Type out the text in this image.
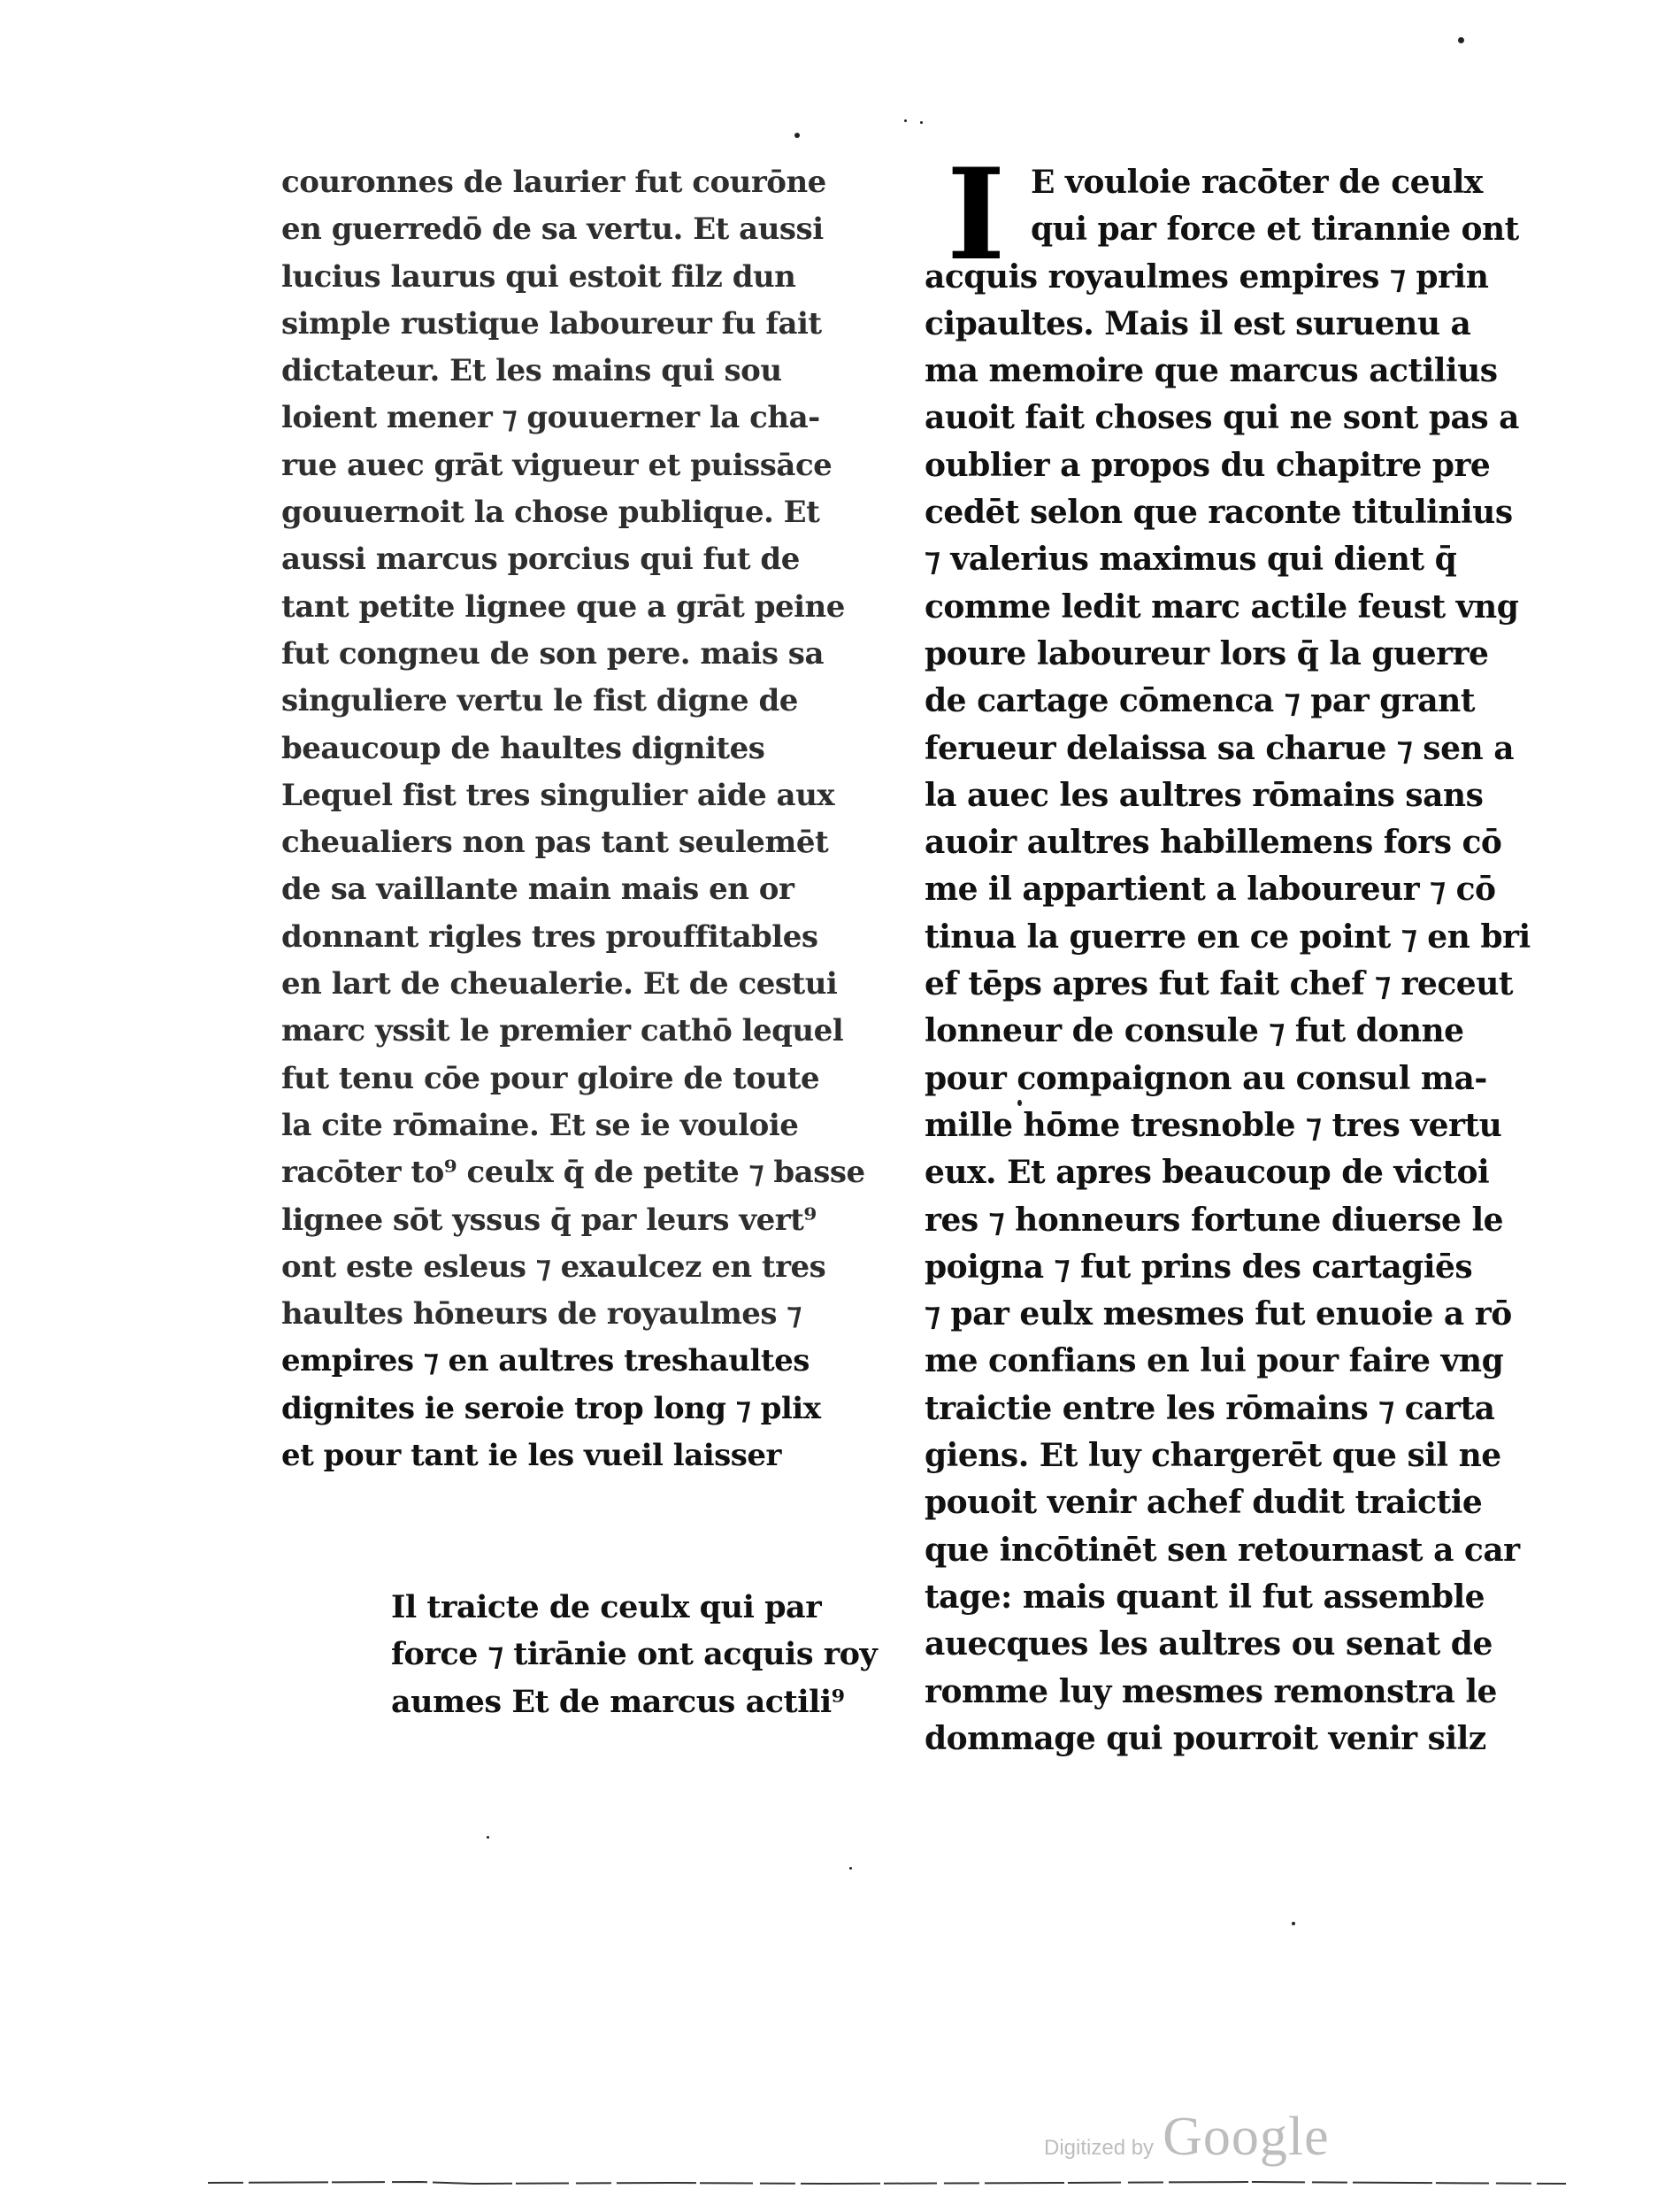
couronnes de laurier fut courōne
en guerredō de sa vertu. Et aussi
lucius laurus qui estoit filz dun
simple rustique laboureur fu fait
dictateur. Et les mains qui sou
loient mener ⁊ gouuerner la cha-
rue auec grāt vigueur et puissāce
gouuernoit la chose publique. Et
aussi marcus porcius qui fut de
tant petite lignee que a grāt peine
fut congneu de son pere. mais sa
singuliere vertu le fist digne de
beaucoup de haultes dignites
Lequel fist tres singulier aide aux
cheualiers non pas tant seulemēt
de sa vaillante main mais en or
donnant rigles tres prouffitables
en lart de cheualerie. Et de cestui
marc yssit le premier cathō lequel
fut tenu cōe pour gloire de toute
la cite rōmaine. Et se ie vouloie
racōter to⁹ ceulx q̄ de petite ⁊ basse
lignee sōt yssus q̄ par leurs vert⁹
ont este esleus ⁊ exaulcez en tres
haultes hōneurs de royaulmes ⁊
empires ⁊ en aultres treshaultes
dignites ie seroie trop long ⁊ plix
et pour tant ie les vueil laisser
Il traicte de ceulx qui par
force ⁊ tirānie ont acquis roy
aumes Et de marcus actili⁹
I E vouloie racōter de ceulx
qui par force et tirannie ont
acquis royaulmes empires ⁊ prin
cipaultes. Mais il est suruenu a
ma memoire que marcus actilius
auoit fait choses qui ne sont pas a
oublier a propos du chapitre pre
cedēt selon que raconte titulinius
⁊ valerius maximus qui dient q̄
comme ledit marc actile feust vng
poure laboureur lors q̄ la guerre
de cartage cōmenca ⁊ par grant
ferueur delaissa sa charue ⁊ sen a
la auec les aultres rōmains sans
auoir aultres habillemens fors cō
me il appartient a laboureur ⁊ cō
tinua la guerre en ce point ⁊ en bri
ef tēps apres fut fait chef ⁊ receut
lonneur de consule ⁊ fut donne
pour compaignon au consul ma-
mille hōme tresnoble ⁊ tres vertu
eux. Et apres beaucoup de victoi
res ⁊ honneurs fortune diuerse le
poigna ⁊ fut prins des cartagiēs
⁊ par eulx mesmes fut enuoie a rō
me confians en lui pour faire vng
traictie entre les rōmains ⁊ carta
giens. Et luy chargerēt que sil ne
pouoit venir achef dudit traictie
que incōtinēt sen retournast a car
tage: mais quant il fut assemble
auecques les aultres ou senat de
romme luy mesmes remonstra le
dommage qui pourroit venir silz
Digitized by Google
